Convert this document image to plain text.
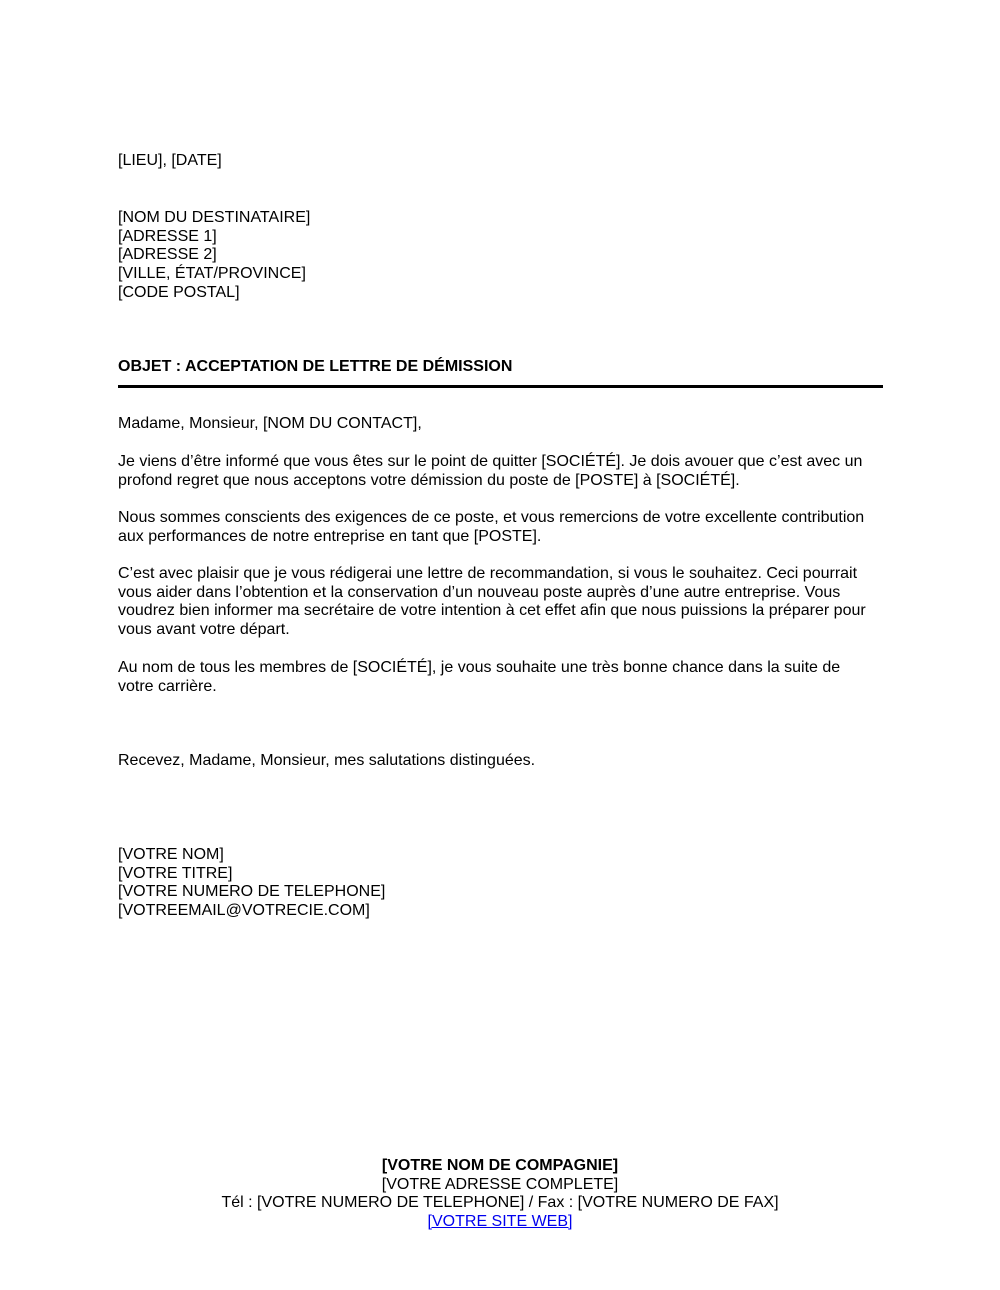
[LIEU], [DATE]
[NOM DU DESTINATAIRE]
[ADRESSE 1]
[ADRESSE 2]
[VILLE, ÉTAT/PROVINCE]
[CODE POSTAL]
OBJET : ACCEPTATION DE LETTRE DE DÉMISSION
Madame, Monsieur, [NOM DU CONTACT],
Je viens d’être informé que vous êtes sur le point de quitter [SOCIÉTÉ]. Je dois avouer que c’est avec un
profond regret que nous acceptons votre démission du poste de [POSTE] à [SOCIÉTÉ].
Nous sommes conscients des exigences de ce poste, et vous remercions de votre excellente contribution
aux performances de notre entreprise en tant que [POSTE].
C’est avec plaisir que je vous rédigerai une lettre de recommandation, si vous le souhaitez. Ceci pourrait
vous aider dans l’obtention et la conservation d’un nouveau poste auprès d’une autre entreprise. Vous
voudrez bien informer ma secrétaire de votre intention à cet effet afin que nous puissions la préparer pour
vous avant votre départ.
Au nom de tous les membres de [SOCIÉTÉ], je vous souhaite une très bonne chance dans la suite de
votre carrière.
Recevez, Madame, Monsieur, mes salutations distinguées.
[VOTRE NOM]
[VOTRE TITRE]
[VOTRE NUMERO DE TELEPHONE]
[VOTREEMAIL@VOTRECIE.COM]
[VOTRE NOM DE COMPAGNIE]
[VOTRE ADRESSE COMPLETE]
Tél : [VOTRE NUMERO DE TELEPHONE] / Fax : [VOTRE NUMERO DE FAX]
[VOTRE SITE WEB]
